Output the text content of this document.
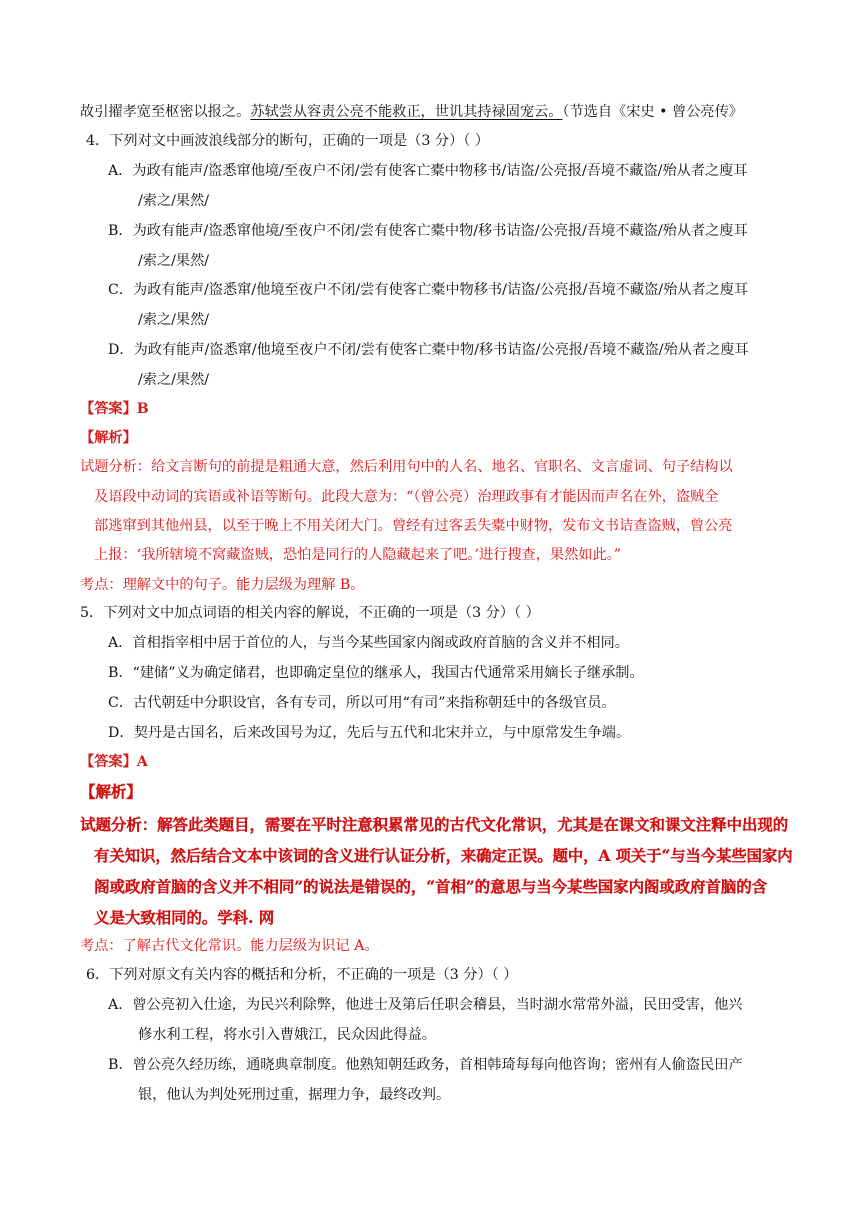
故引擢孝宽至枢密以报之。苏轼尝从容责公亮不能救正，世讥其持禄固宠云。（节选自《宋史 • 曾公亮传》
4．下列对文中画波浪线部分的断句，正确的一项是（3 分）（ ）
A．为政有能声/盗悉窜他境/至夜户不闭/尝有使客亡橐中物移书/诘盗/公亮报/吾境不藏盗/殆从者之廋耳
/索之/果然/
B．为政有能声/盗悉窜他境/至夜户不闭/尝有使客亡橐中物/移书诘盗/公亮报/吾境不藏盗/殆从者之廋耳
/索之/果然/
C．为政有能声/盗悉窜/他境至夜户不闭/尝有使客亡橐中物移书/诘盗/公亮报/吾境不藏盗/殆从者之廋耳
/索之/果然/
D．为政有能声/盗悉窜/他境至夜户不闭/尝有使客亡橐中物/移书诘盗/公亮报/吾境不藏盗/殆从者之廋耳
/索之/果然/
【答案】B
【解析】
试题分析：给文言断句的前提是粗通大意，然后利用句中的人名、地名、官职名、文言虚词、句子结构以
及语段中动词的宾语或补语等断句。此段大意为：“（曾公亮）治理政事有才能因而声名在外，盗贼全
部逃窜到其他州县，以至于晚上不用关闭大门。曾经有过客丢失橐中财物，发布文书诘查盗贼，曾公亮
上报：‘我所辖境不窝藏盗贼，恐怕是同行的人隐藏起来了吧。’进行搜查，果然如此。”
考点：理解文中的句子。能力层级为理解 B。
5．下列对文中加点词语的相关内容的解说，不正确的一项是（3 分）（ ）
A．首相指宰相中居于首位的人，与当今某些国家内阁或政府首脑的含义并不相同。
B．“建储”义为确定储君，也即确定皇位的继承人，我国古代通常采用嫡长子继承制。
C．古代朝廷中分职设官，各有专司，所以可用“有司”来指称朝廷中的各级官员。
D．契丹是古国名，后来改国号为辽，先后与五代和北宋并立，与中原常发生争端。
【答案】A
【解析】
试题分析：解答此类题目，需要在平时注意积累常见的古代文化常识，尤其是在课文和课文注释中出现的
有关知识，然后结合文本中该词的含义进行认证分析，来确定正误。题中，A 项关于“与当今某些国家内
阁或政府首脑的含义并不相同”的说法是错误的，“首相”的意思与当今某些国家内阁或政府首脑的含
义是大致相同的。学科. 网
考点：了解古代文化常识。能力层级为识记 A。
6．下列对原文有关内容的概括和分析，不正确的一项是（3 分）（ ）
A．曾公亮初入仕途，为民兴利除弊，他进士及第后任职会稽县，当时湖水常常外溢，民田受害，他兴
修水利工程，将水引入曹娥江，民众因此得益。
B．曾公亮久经历练，通晓典章制度。他熟知朝廷政务，首相韩琦每每向他咨询；密州有人偷盗民田产
银，他认为判处死刑过重，据理力争，最终改判。
